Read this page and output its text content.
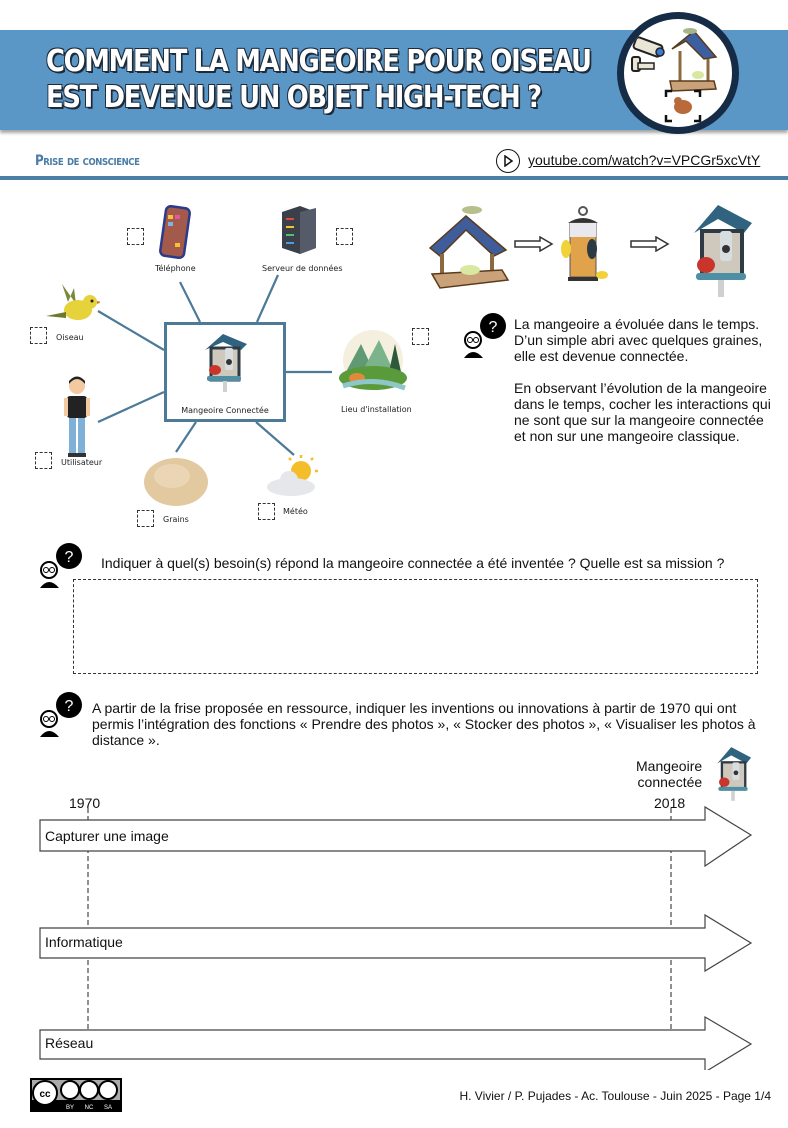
COMMENT LA MANGEOIRE POUR OISEAU
EST DEVENUE UN OBJET HIGH-TECH ?
Prise de conscience	youtube.com/watch?v=VPCGr5xcVtY
Mangeoire Connectée
Téléphone	Serveur de données
Oiseau
Lieu d'installation
Utilisateur
Grains
Météo
? La mangeoire a évoluée dans le temps. D’un simple abri avec quelques graines, elle est devenue connectée.
En observant l’évolution de la mangeoire dans le temps, cocher les interactions qui ne sont que sur la mangeoire connectée et non sur une mangeoire classique.
? Indiquer à quel(s) besoin(s) répond la mangeoire connectée a été inventée ? Quelle est sa mission ?
? A partir de la frise proposée en ressource, indiquer les inventions ou innovations à partir de 1970 qui ont permis l’intégration des fonctions « Prendre des photos », « Stocker des photos », « Visualiser les photos à distance ».
Mangeoire
connectée
1970	2018
Capturer une image
Informatique
Réseau
cc
BY NC SA
H. Vivier / P. Pujades - Ac. Toulouse - Juin 2025 - Page 1/4
